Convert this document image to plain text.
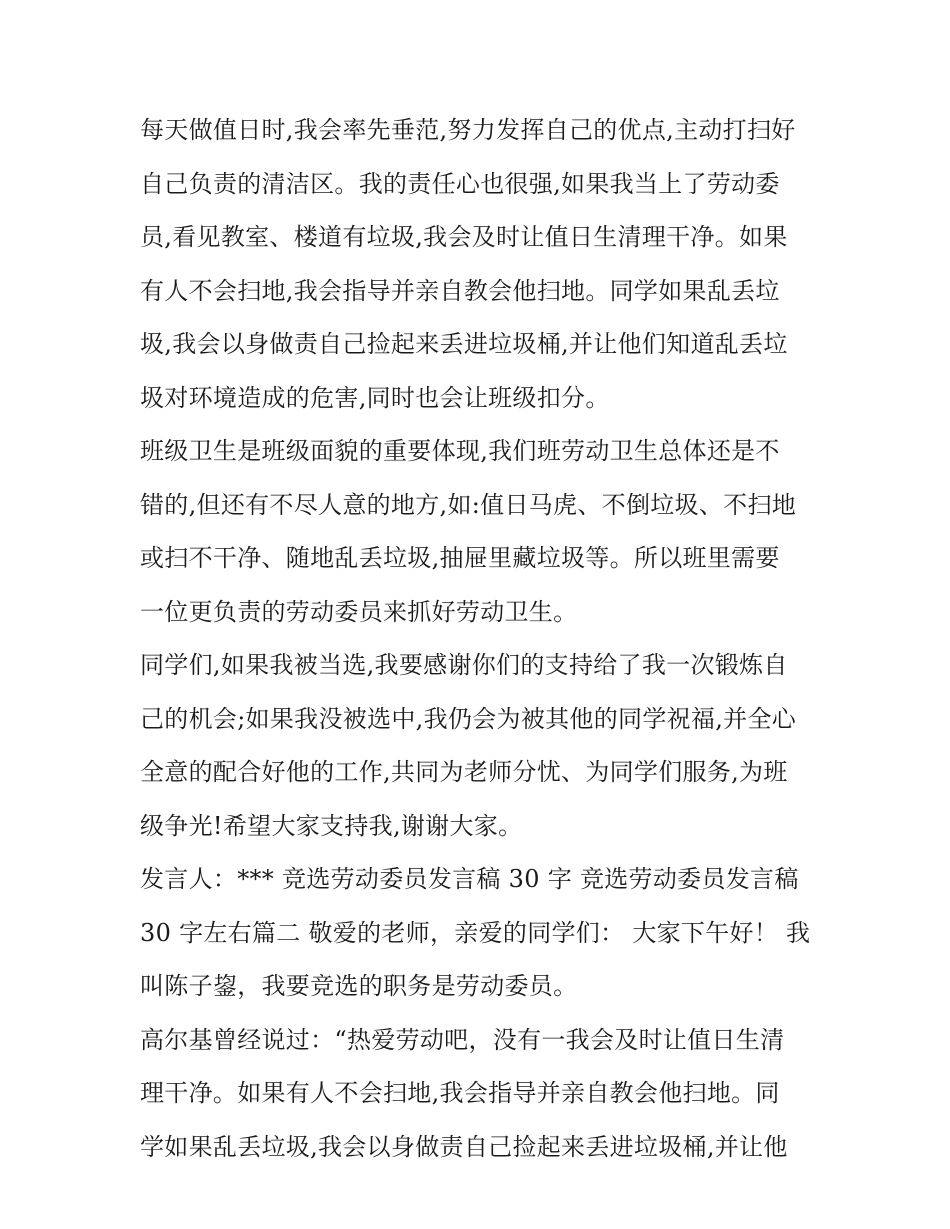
每天做值日时,我会率先垂范,努力发挥自己的优点,主动打扫好
自己负责的清洁区。我的责任心也很强,如果我当上了劳动委
员,看见教室、楼道有垃圾,我会及时让值日生清理干净。如果
有人不会扫地,我会指导并亲自教会他扫地。同学如果乱丢垃
圾,我会以身做责自己捡起来丢进垃圾桶,并让他们知道乱丢垃
圾对环境造成的危害,同时也会让班级扣分。
班级卫生是班级面貌的重要体现,我们班劳动卫生总体还是不
错的,但还有不尽人意的地方,如:值日马虎、不倒垃圾、不扫地
或扫不干净、随地乱丢垃圾,抽屉里藏垃圾等。所以班里需要
一位更负责的劳动委员来抓好劳动卫生。
同学们,如果我被当选,我要感谢你们的支持给了我一次锻炼自
己的机会;如果我没被选中,我仍会为被其他的同学祝福,并全心
全意的配合好他的工作,共同为老师分忧、为同学们服务,为班
级争光!希望大家支持我,谢谢大家。
发言人：*** 竞选劳动委员发言稿 30 字 竞选劳动委员发言稿
30 字左右篇二 敬爱的老师，亲爱的同学们： 大家下午好！ 我
叫陈子鋆，我要竞选的职务是劳动委员。
高尔基曾经说过：“热爱劳动吧，没有一我会及时让值日生清
理干净。如果有人不会扫地,我会指导并亲自教会他扫地。同
学如果乱丢垃圾,我会以身做责自己捡起来丢进垃圾桶,并让他
